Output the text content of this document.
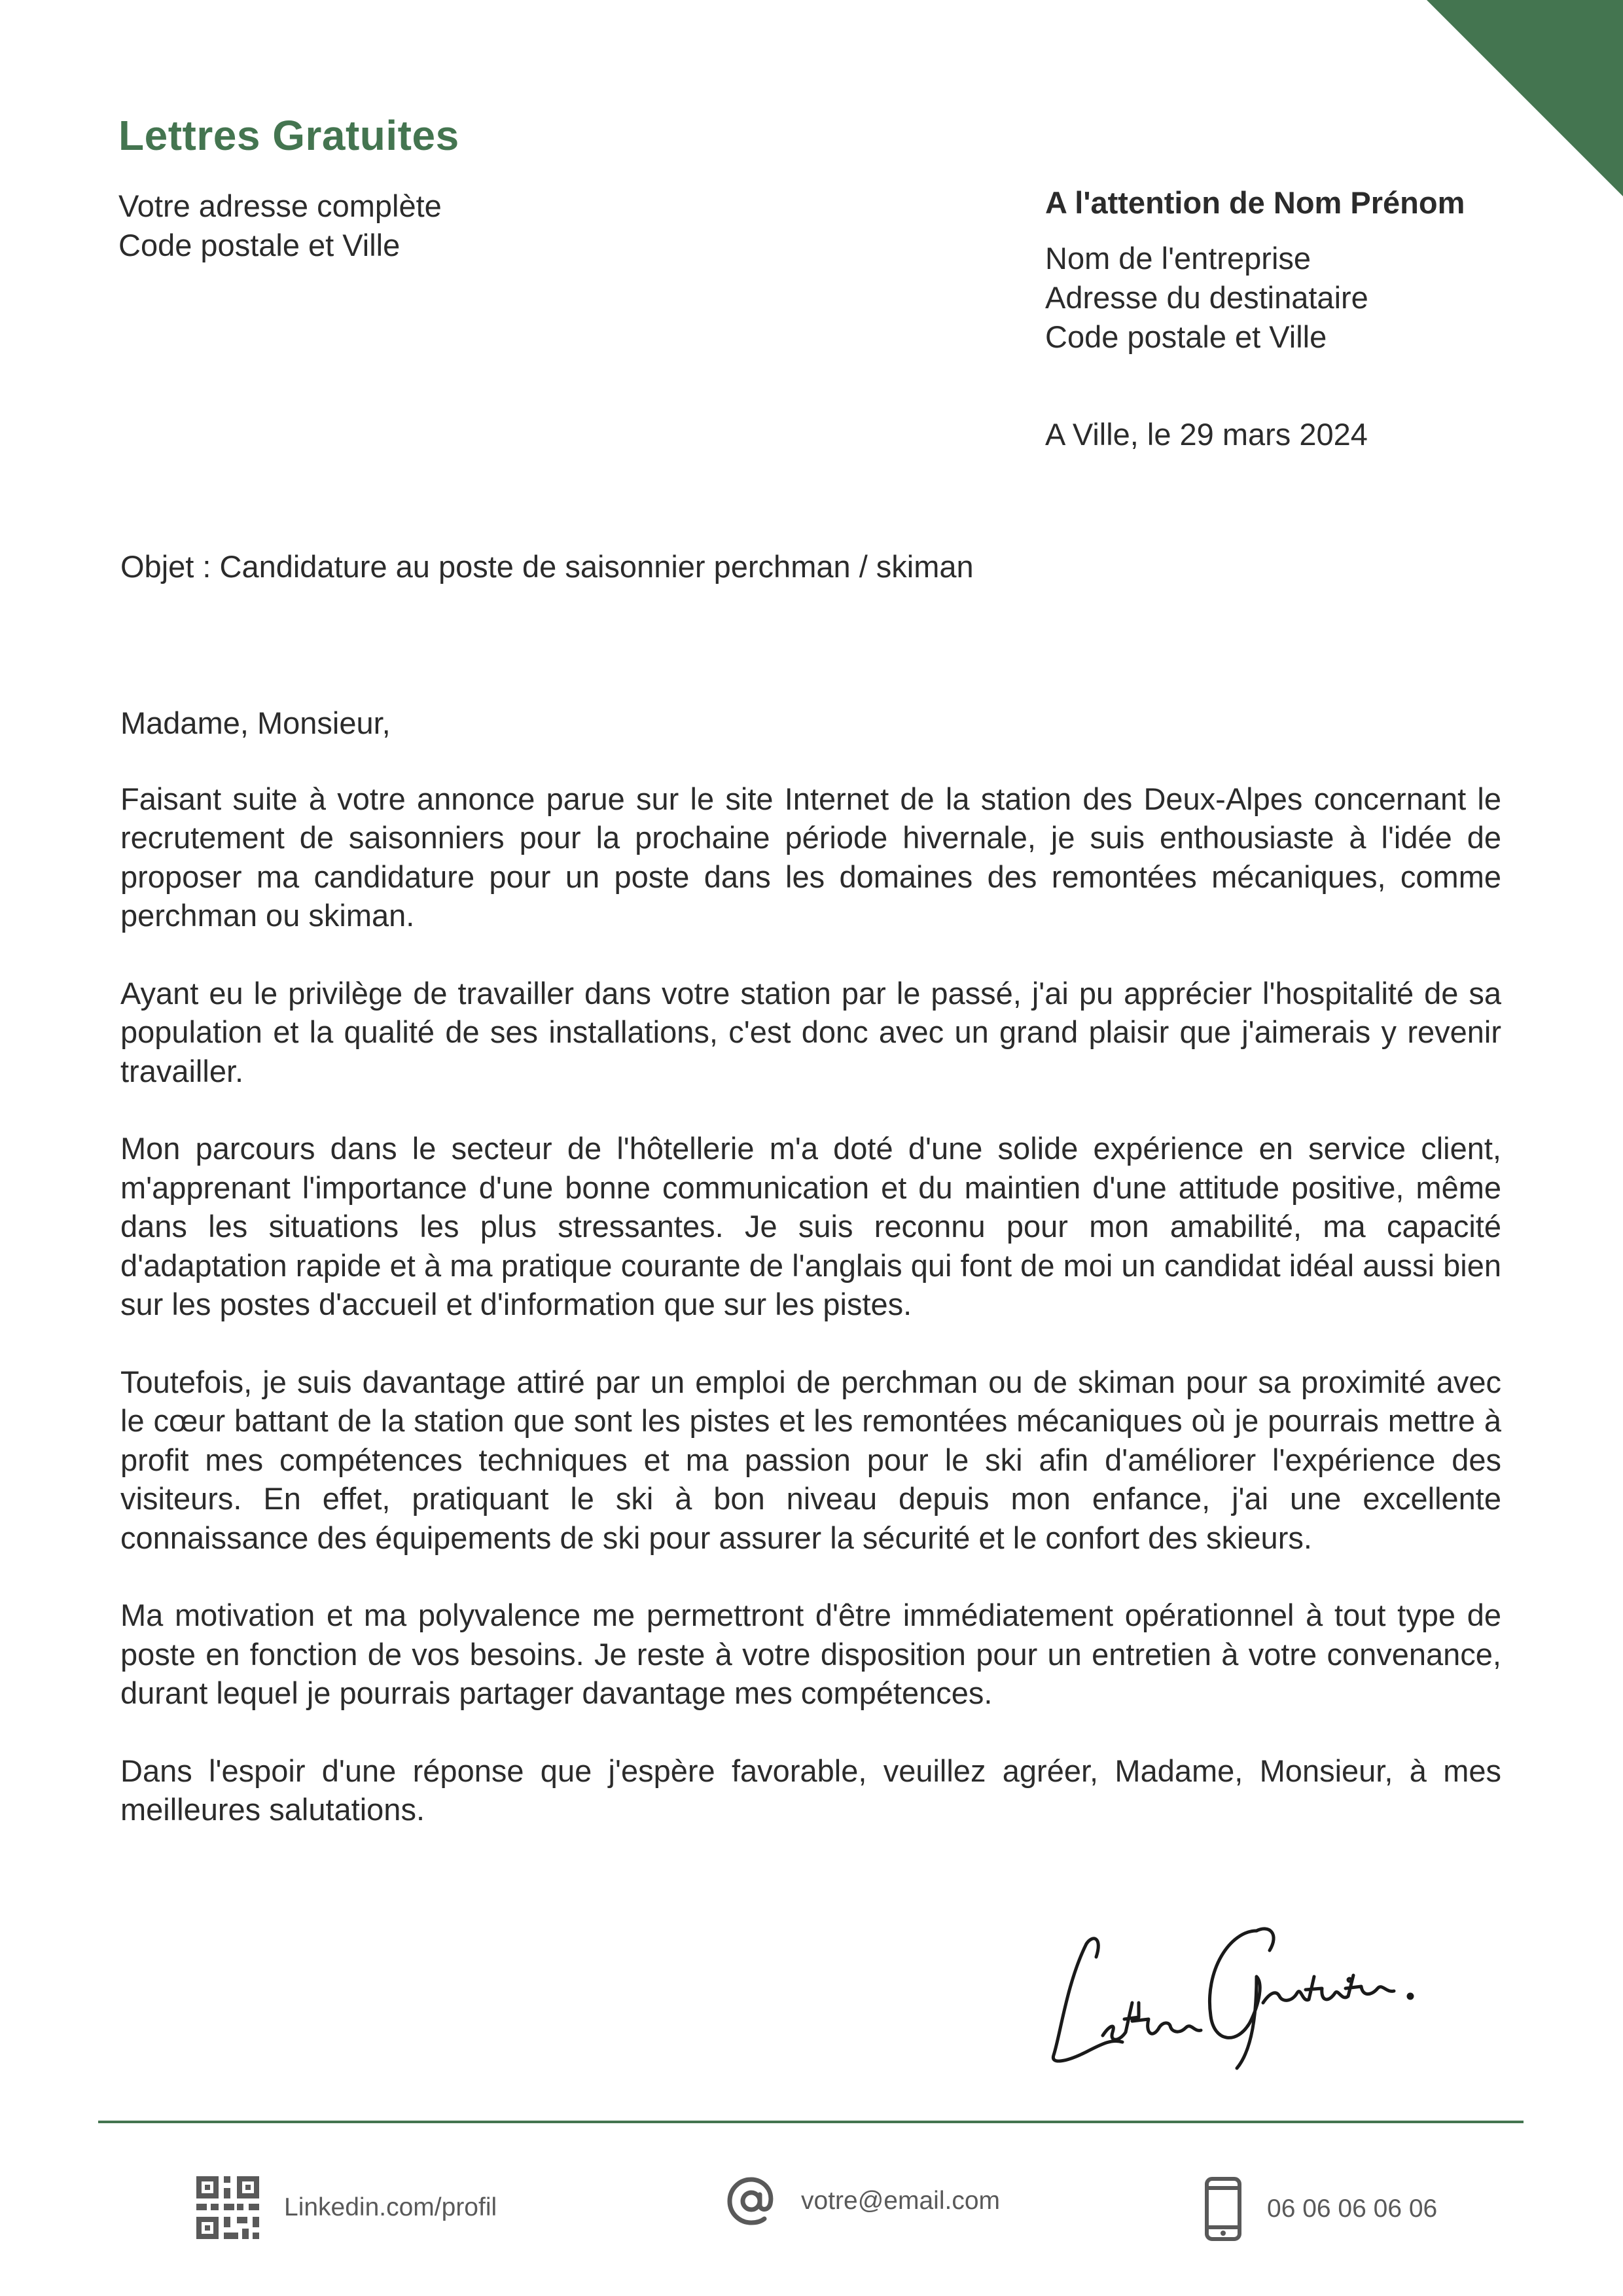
Lettres Gratuites
Votre adresse complète
Code postale et Ville
A l'attention de Nom Prénom
Nom de l'entreprise
Adresse du destinataire
Code postale et Ville
A Ville, le 29 mars 2024
Objet : Candidature au poste de saisonnier perchman / skiman

Madame, Monsieur,

Faisant suite à votre annonce parue sur le site Internet de la station des Deux-Alpes concernant le recrutement de saisonniers pour la prochaine période hivernale, je suis enthousiaste à l'idée de proposer ma candidature pour un poste dans les domaines des remontées mécaniques, comme perchman ou skiman.

Ayant eu le privilège de travailler dans votre station par le passé, j'ai pu apprécier l'hospitalité de sa population et la qualité de ses installations, c'est donc avec un grand plaisir que j'aimerais y revenir travailler.

Mon parcours dans le secteur de l'hôtellerie m'a doté d'une solide expérience en service client, m'apprenant l'importance d'une bonne communication et du maintien d'une attitude positive, même dans les situations les plus stressantes. Je suis reconnu pour mon amabilité, ma capacité d'adaptation rapide et à ma pratique courante de l'anglais qui font de moi un candidat idéal aussi bien sur les postes d'accueil et d'information que sur les pistes.

Toutefois, je suis davantage attiré par un emploi de perchman ou de skiman pour sa proximité avec le cœur battant de la station que sont les pistes et les remontées mécaniques où je pourrais mettre à profit mes compétences techniques et ma passion pour le ski afin d'améliorer l'expérience des visiteurs. En effet, pratiquant le ski à bon niveau depuis mon enfance, j'ai une excellente connaissance des équipements de ski pour assurer la sécurité et le confort des skieurs.

Ma motivation et ma polyvalence me permettront d'être immédiatement opérationnel à tout type de poste en fonction de vos besoins. Je reste à votre disposition pour un entretien à votre convenance, durant lequel je pourrais partager davantage mes compétences.

Dans l'espoir d'une réponse que j'espère favorable, veuillez agréer, Madame, Monsieur, à mes meilleures salutations.

Linkedin.com/profil	votre@email.com	06 06 06 06 06
